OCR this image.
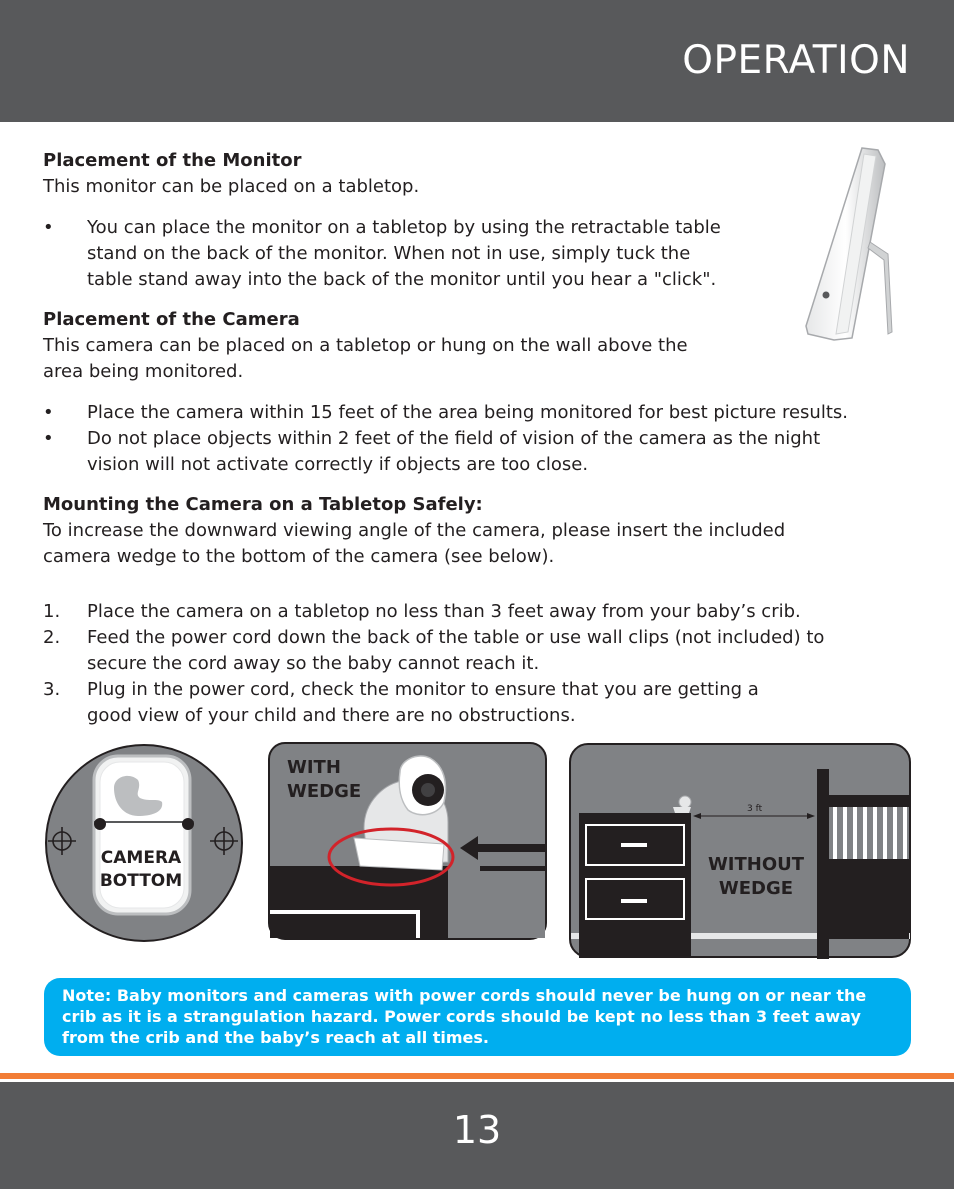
OPERATION
Placement of the Monitor
This monitor can be placed on a tabletop.
• You can place the monitor on a tabletop by using the retractable table
stand on the back of the monitor. When not in use, simply tuck the
table stand away into the back of the monitor until you hear a "click".
Placement of the Camera
This camera can be placed on a tabletop or hung on the wall above the
area being monitored.
• Place the camera within 15 feet of the area being monitored for best picture results.
• Do not place objects within 2 feet of the field of vision of the camera as the night
vision will not activate correctly if objects are too close.
Mounting the Camera on a Tabletop Safely:
To increase the downward viewing angle of the camera, please insert the included
camera wedge to the bottom of the camera (see below).
1. Place the camera on a tabletop no less than 3 feet away from your baby’s crib.
2. Feed the power cord down the back of the table or use wall clips (not included) to
secure the cord away so the baby cannot reach it.
3. Plug in the power cord, check the monitor to ensure that you are getting a
good view of your child and there are no obstructions.
CAMERA
BOTTOM
WITH
WEDGE
3 ft
WITHOUT
WEDGE
Note: Baby monitors and cameras with power cords should never be hung on or near the
crib as it is a strangulation hazard. Power cords should be kept no less than 3 feet away
from the crib and the baby’s reach at all times.
13
